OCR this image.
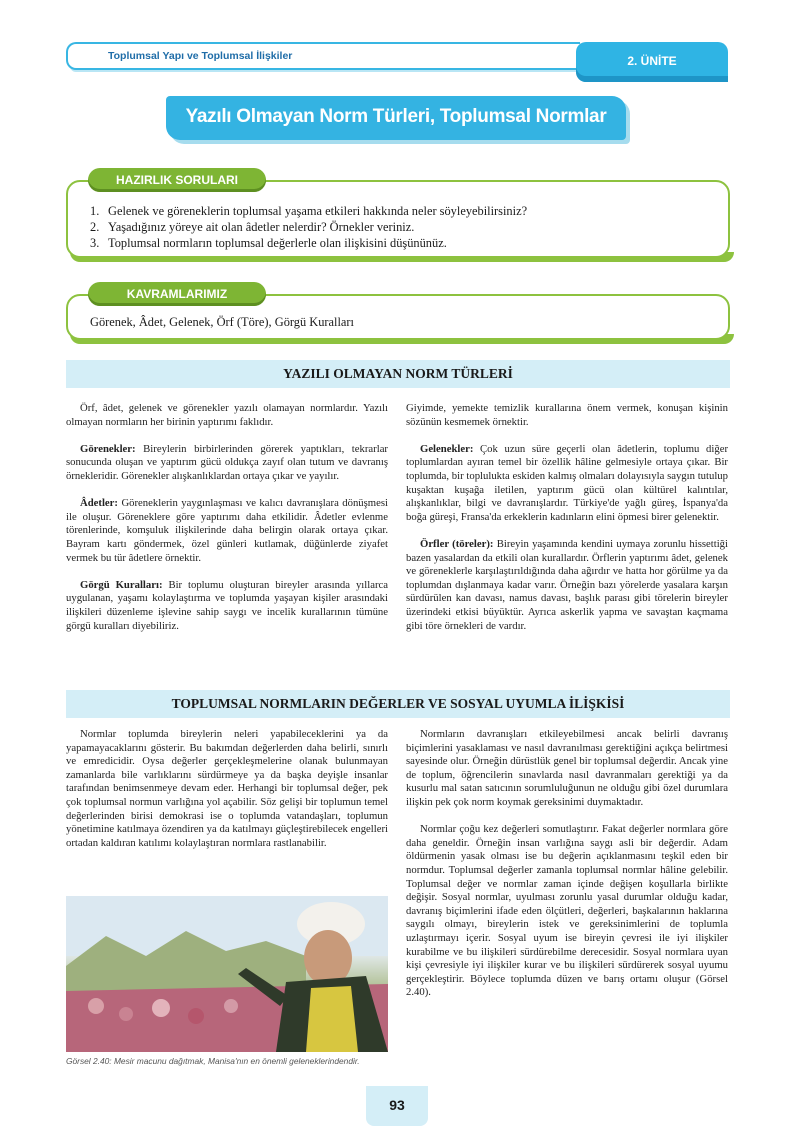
Toplumsal Yapı ve Toplumsal İlişkiler	2. ÜNİTE
Yazılı Olmayan Norm Türleri, Toplumsal Normlar
HAZIRLIK SORULARI
1. Gelenek ve göreneklerin toplumsal yaşama etkileri hakkında neler söyleyebilirsiniz?
2. Yaşadığınız yöreye ait olan âdetler nelerdir? Örnekler veriniz.
3. Toplumsal normların toplumsal değerlerle olan ilişkisini düşününüz.
KAVRAMLARIMIZ
Görenek, Âdet, Gelenek, Örf (Töre), Görgü Kuralları
YAZILI OLMAYAN NORM TÜRLERİ

Örf, âdet, gelenek ve görenekler yazılı olamayan normlardır. Yazılı olmayan normların her birinin yaptırımı faklıdır.

Görenekler: Bireylerin birbirlerinden görerek yaptıkları, tekrarlar sonucunda oluşan ve yaptırım gücü oldukça zayıf olan tutum ve davranış örnekleridir. Görenekler alışkanlıklardan ortaya çıkar ve yayılır.

Âdetler: Göreneklerin yaygınlaşması ve kalıcı davranışlara dönüşmesi ile oluşur. Göreneklere göre yaptırımı daha etkilidir. Âdetler evlenme törenlerinde, komşuluk ilişkilerinde daha belirgin olarak ortaya çıkar. Bayram kartı göndermek, özel günleri kutlamak, düğünlerde ziyafet vermek bu tür âdetlere örnektir.

Görgü Kuralları: Bir toplumu oluşturan bireyler arasında yıllarca uygulanan, yaşamı kolaylaştırma ve toplumda yaşayan kişiler arasındaki ilişkileri düzenleme işlevine sahip saygı ve incelik kurallarının tümüne görgü kuralları diyebiliriz.

Giyimde, yemekte temizlik kurallarına önem vermek, konuşan kişinin sözünün kesmemek örnektir.

Gelenekler: Çok uzun süre geçerli olan âdetlerin, toplumu diğer toplumlardan ayıran temel bir özellik hâline gelmesiyle ortaya çıkar. Bir toplumda, bir toplulukta eskiden kalmış olmaları dolayısıyla saygın tutulup kuşaktan kuşağa iletilen, yaptırım gücü olan kültürel kalıntılar, alışkanlıklar, bilgi ve davranışlardır. Türkiye'de yağlı güreş, İspanya'da boğa güreşi, Fransa'da erkeklerin kadınların elini öpmesi birer gelenektir.

Örfler (töreler): Bireyin yaşamında kendini uymaya zorunlu hissettiği bazen yasalardan da etkili olan kurallardır. Örflerin yaptırımı âdet, gelenek ve göreneklerle karşılaştırıldığında daha ağırdır ve hatta hor görülme ya da toplumdan dışlanmaya kadar varır. Örneğin bazı yörelerde yasalara karşın sürdürülen kan davası, namus davası, başlık parası gibi törelerin bireyler üzerindeki etkisi büyüktür. Ayrıca askerlik yapma ve savaştan kaçmama gibi töre örnekleri de vardır.

TOPLUMSAL NORMLARIN DEĞERLER VE SOSYAL UYUMLA İLİŞKİSİ

Normlar toplumda bireylerin neleri yapabileceklerini ya da yapamayacaklarını gösterir. Bu bakımdan değerlerden daha belirli, sınırlı ve emredicidir. Oysa değerler gerçekleşmelerine olanak bulunmayan zamanlarda bile varlıklarını sürdürmeye ya da başka deyişle insanlar tarafından benimsenmeye devam eder. Herhangi bir toplumsal değer, pek çok toplumsal normun varlığına yol açabilir. Söz gelişi bir toplumun temel değerlerinden birisi demokrasi ise o toplumda vatandaşları, toplumun yönetimine katılmaya özendiren ya da katılmayı güçleştirebilecek engelleri ortadan kaldıran katılımı kolaylaştıran normlara rastlanabilir.

Normların davranışları etkileyebilmesi ancak belirli davranış biçimlerini yasaklaması ve nasıl davranılması gerektiğini açıkça belirtmesi sayesinde olur. Örneğin dürüstlük genel bir toplumsal değerdir. Ancak yine de toplum, öğrencilerin sınavlarda nasıl davranmaları gerektiği ya da kusurlu mal satan satıcının sorumluluğunun ne olduğu gibi özel durumlara ilişkin pek çok norm koymak gereksinimi duymaktadır.

Normlar çoğu kez değerleri somutlaştırır. Fakat değerler normlara göre daha geneldir. Örneğin insan varlığına saygı asli bir değerdir. Adam öldürmenin yasak olması ise bu değerin açıklanmasını teşkil eden bir normdur. Toplumsal değerler zamanla toplumsal normlar hâline gelebilir. Toplumsal değer ve normlar zaman içinde değişen koşullarla birlikte değişir. Sosyal normlar, uyulması zorunlu yasal durumlar olduğu kadar, davranış biçimlerini ifade eden ölçütleri, değerleri, başkalarının haklarına saygılı olmayı, bireylerin istek ve gereksinimlerini de toplumla uzlaştırmayı içerir. Sosyal uyum ise bireyin çevresi ile iyi ilişkiler kurabilme ve bu ilişkileri sürdürebilme derecesidir. Sosyal normlara uyan kişi çevresiyle iyi ilişkiler kurar ve bu ilişkileri sürdürerek sosyal uyumu gerçekleştirir. Böylece toplumda düzen ve barış ortamı oluşur (Görsel 2.40).

Görsel 2.40: Mesir macunu dağıtmak, Manisa'nın en önemli geleneklerindendir.
93
